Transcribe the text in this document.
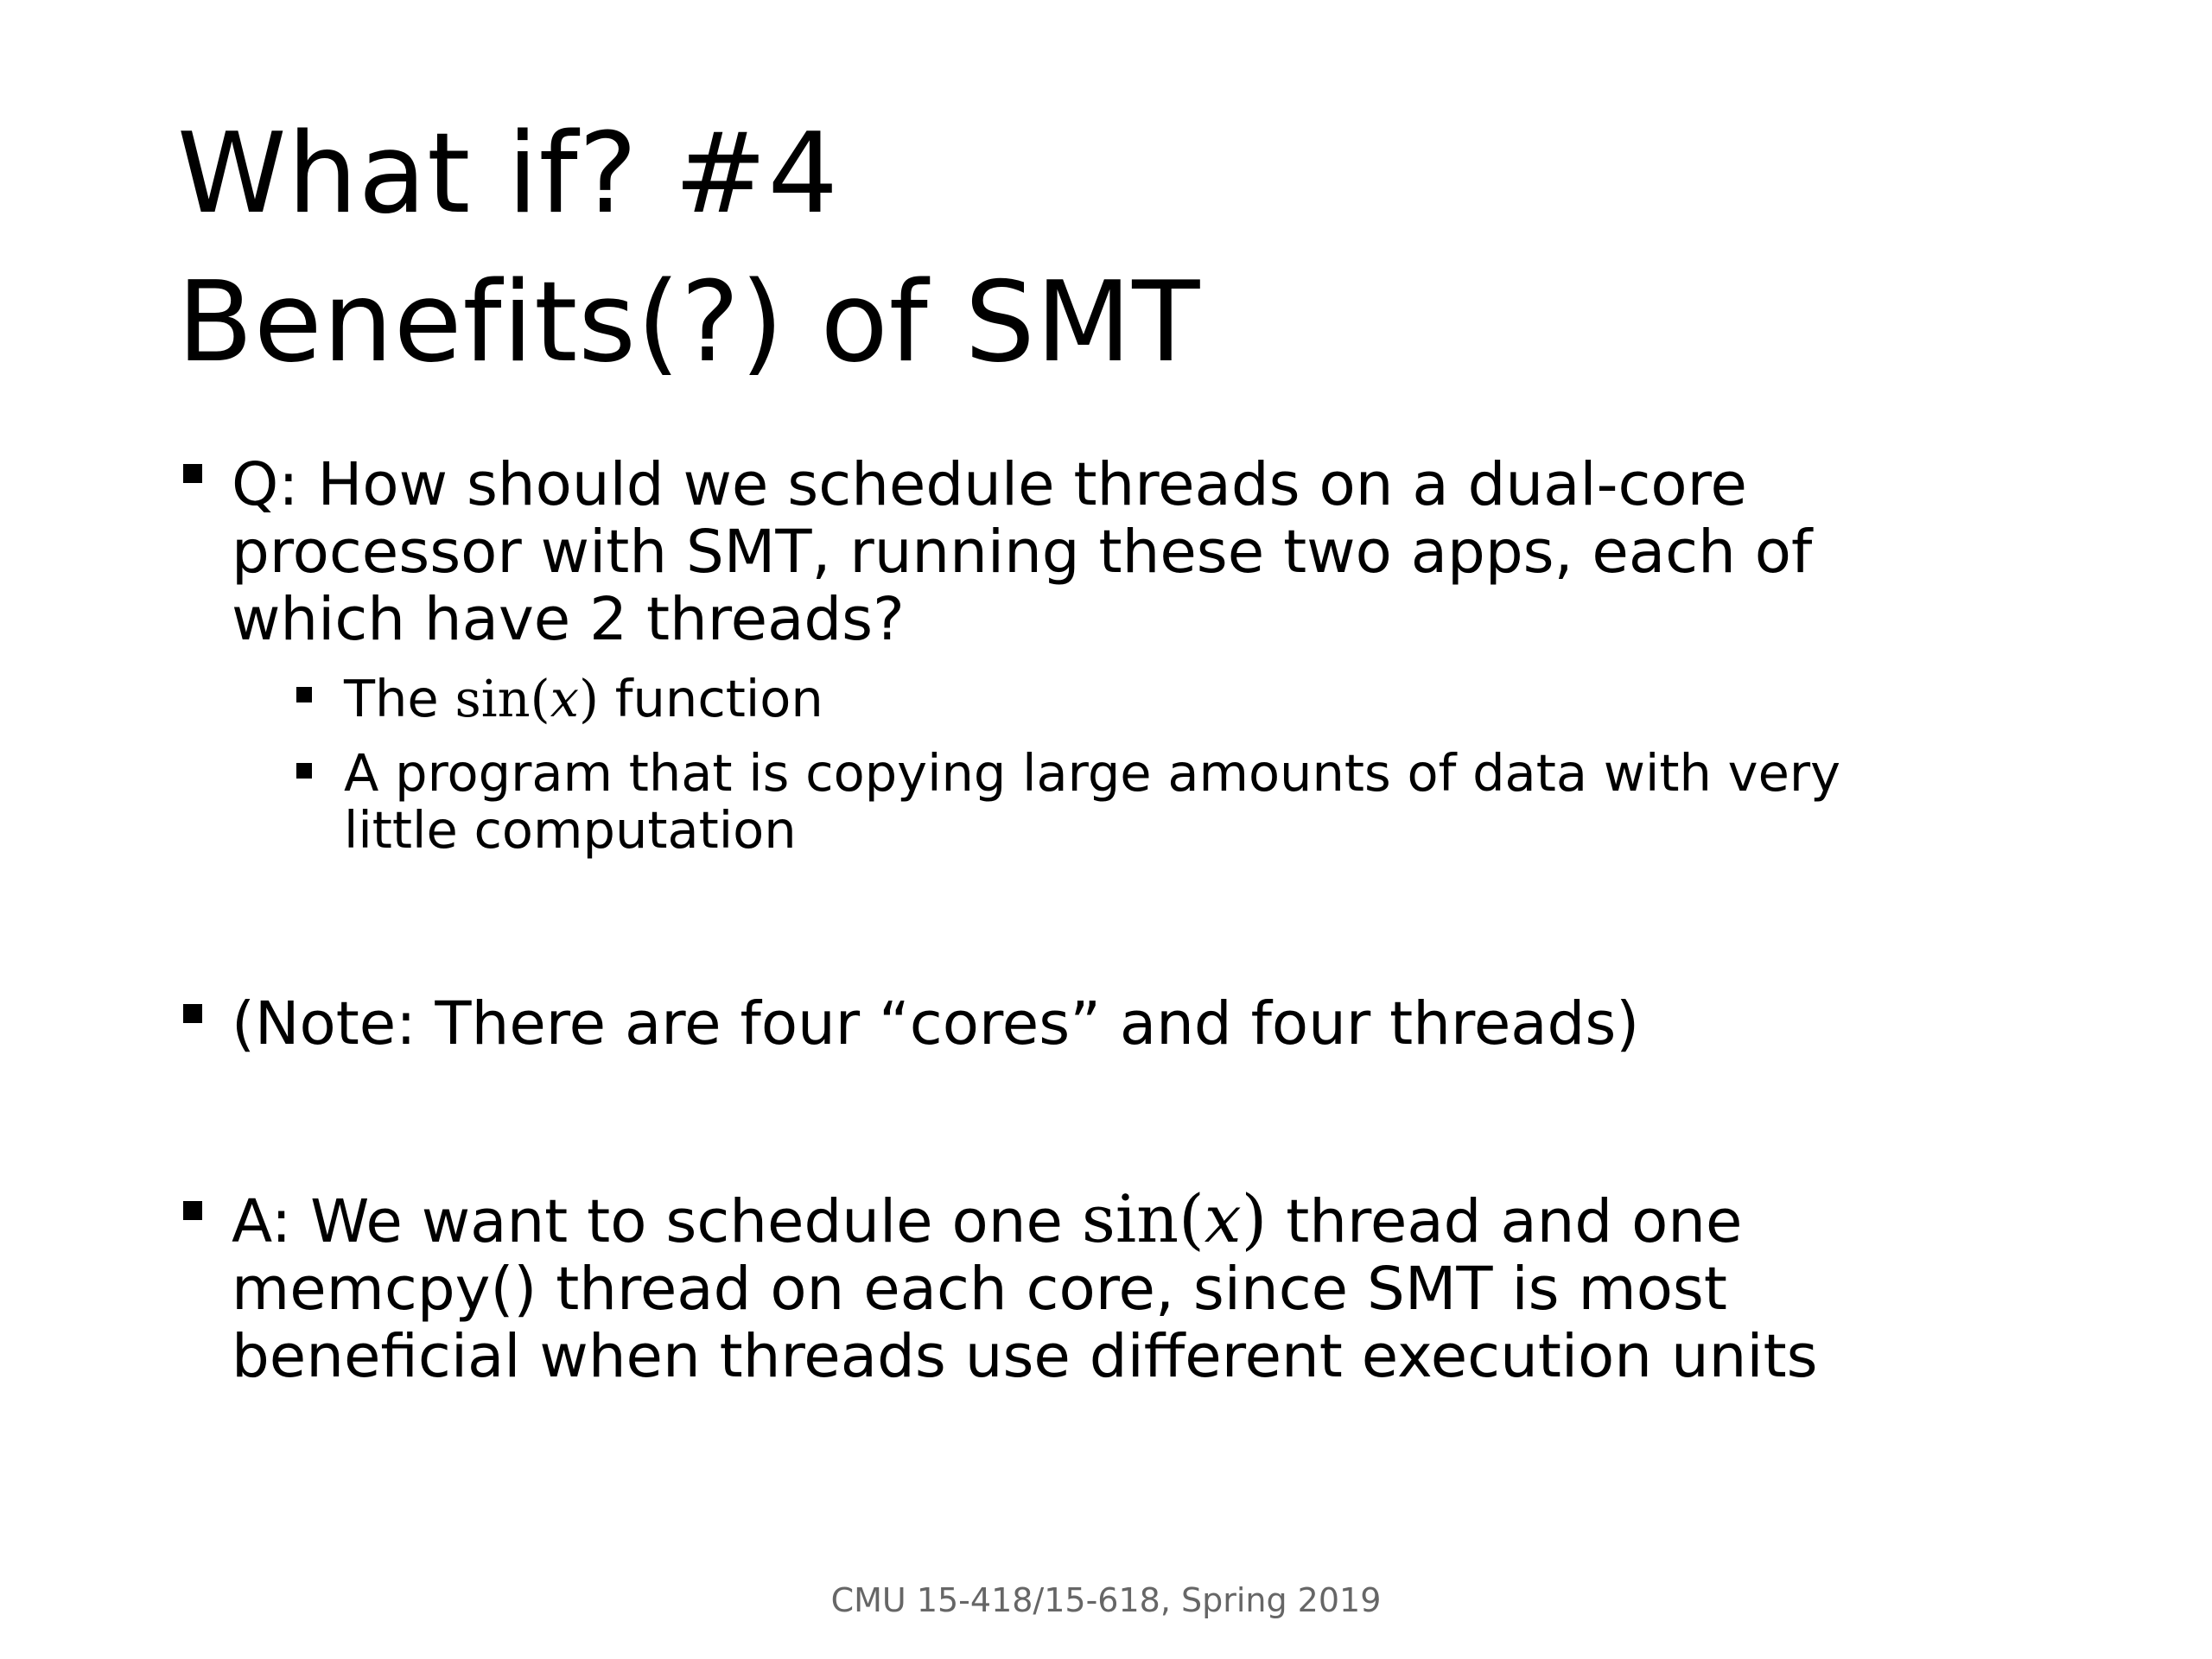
What if? #4
Benefits(?) of SMT
Q: How should we schedule threads on a dual-core
processor with SMT, running these two apps, each of
which have 2 threads?
The sin(x) function
A program that is copying large amounts of data with very
little computation
(Note: There are four “cores” and four threads)
A: We want to schedule one sin(x) thread and one
memcpy() thread on each core, since SMT is most
beneficial when threads use different execution units
CMU 15-418/15-618, Spring 2019
